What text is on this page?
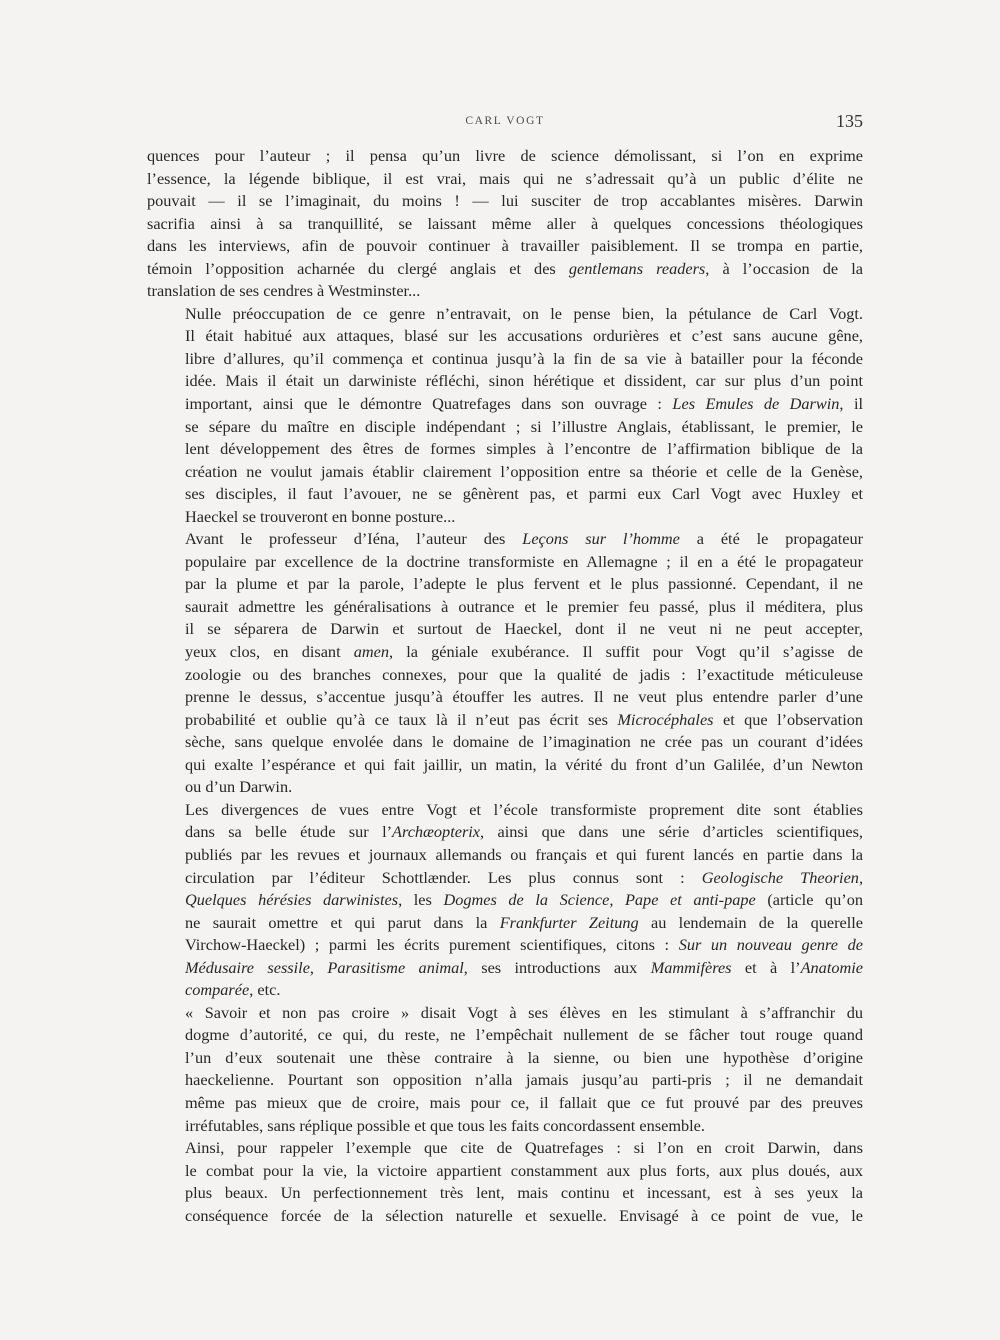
CARL VOGT	135

quences pour l’auteur ; il pensa qu’un livre de science démolissant, si l’on en exprime
l’essence, la légende biblique, il est vrai, mais qui ne s’adressait qu’à un public d’élite ne
pouvait — il se l’imaginait, du moins ! — lui susciter de trop accablantes misères. Darwin
sacrifia ainsi à sa tranquillité, se laissant même aller à quelques concessions théologiques
dans les interviews, afin de pouvoir continuer à travailler paisiblement. Il se trompa en partie,
témoin l’opposition acharnée du clergé anglais et des gentlemans readers, à l’occasion de la
translation de ses cendres à Westminster...

Nulle préoccupation de ce genre n’entravait, on le pense bien, la pétulance de Carl Vogt.
Il était habitué aux attaques, blasé sur les accusations ordurières et c’est sans aucune gêne,
libre d’allures, qu’il commença et continua jusqu’à la fin de sa vie à batailler pour la féconde
idée. Mais il était un darwiniste réfléchi, sinon hérétique et dissident, car sur plus d’un point
important, ainsi que le démontre Quatrefages dans son ouvrage : Les Emules de Darwin, il
se sépare du maître en disciple indépendant ; si l’illustre Anglais, établissant, le premier, le
lent développement des êtres de formes simples à l’encontre de l’affirmation biblique de la
création ne voulut jamais établir clairement l’opposition entre sa théorie et celle de la Genèse,
ses disciples, il faut l’avouer, ne se gênèrent pas, et parmi eux Carl Vogt avec Huxley et
Haeckel se trouveront en bonne posture...

Avant le professeur d’Iéna, l’auteur des Leçons sur l’homme a été le propagateur
populaire par excellence de la doctrine transformiste en Allemagne ; il en a été le propagateur
par la plume et par la parole, l’adepte le plus fervent et le plus passionné. Cependant, il ne
saurait admettre les généralisations à outrance et le premier feu passé, plus il méditera, plus
il se séparera de Darwin et surtout de Haeckel, dont il ne veut ni ne peut accepter,
yeux clos, en disant amen, la géniale exubérance. Il suffit pour Vogt qu’il s’agisse de
zoologie ou des branches connexes, pour que la qualité de jadis : l’exactitude méticuleuse
prenne le dessus, s’accentue jusqu’à étouffer les autres. Il ne veut plus entendre parler d’une
probabilité et oublie qu’à ce taux là il n’eut pas écrit ses Microcéphales et que l’observation
sèche, sans quelque envolée dans le domaine de l’imagination ne crée pas un courant d’idées
qui exalte l’espérance et qui fait jaillir, un matin, la vérité du front d’un Galilée, d’un Newton
ou d’un Darwin.

Les divergences de vues entre Vogt et l’école transformiste proprement dite sont établies
dans sa belle étude sur l’Archæopterix, ainsi que dans une série d’articles scientifiques,
publiés par les revues et journaux allemands ou français et qui furent lancés en partie dans la
circulation par l’éditeur Schottlænder. Les plus connus sont : Geologische Theorien,
Quelques hérésies darwinistes, les Dogmes de la Science, Pape et anti-pape (article qu’on
ne saurait omettre et qui parut dans la Frankfurter Zeitung au lendemain de la querelle
Virchow-Haeckel) ; parmi les écrits purement scientifiques, citons : Sur un nouveau genre de
Médusaire sessile, Parasitisme animal, ses introductions aux Mammifères et à l’Anatomie
comparée, etc.

« Savoir et non pas croire » disait Vogt à ses élèves en les stimulant à s’affranchir du
dogme d’autorité, ce qui, du reste, ne l’empêchait nullement de se fâcher tout rouge quand
l’un d’eux soutenait une thèse contraire à la sienne, ou bien une hypothèse d’origine
haeckelienne. Pourtant son opposition n’alla jamais jusqu’au parti-pris ; il ne demandait
même pas mieux que de croire, mais pour ce, il fallait que ce fut prouvé par des preuves
irréfutables, sans réplique possible et que tous les faits concordassent ensemble.

Ainsi, pour rappeler l’exemple que cite de Quatrefages : si l’on en croit Darwin, dans
le combat pour la vie, la victoire appartient constamment aux plus forts, aux plus doués, aux
plus beaux. Un perfectionnement très lent, mais continu et incessant, est à ses yeux la
conséquence forcée de la sélection naturelle et sexuelle. Envisagé à ce point de vue, le
